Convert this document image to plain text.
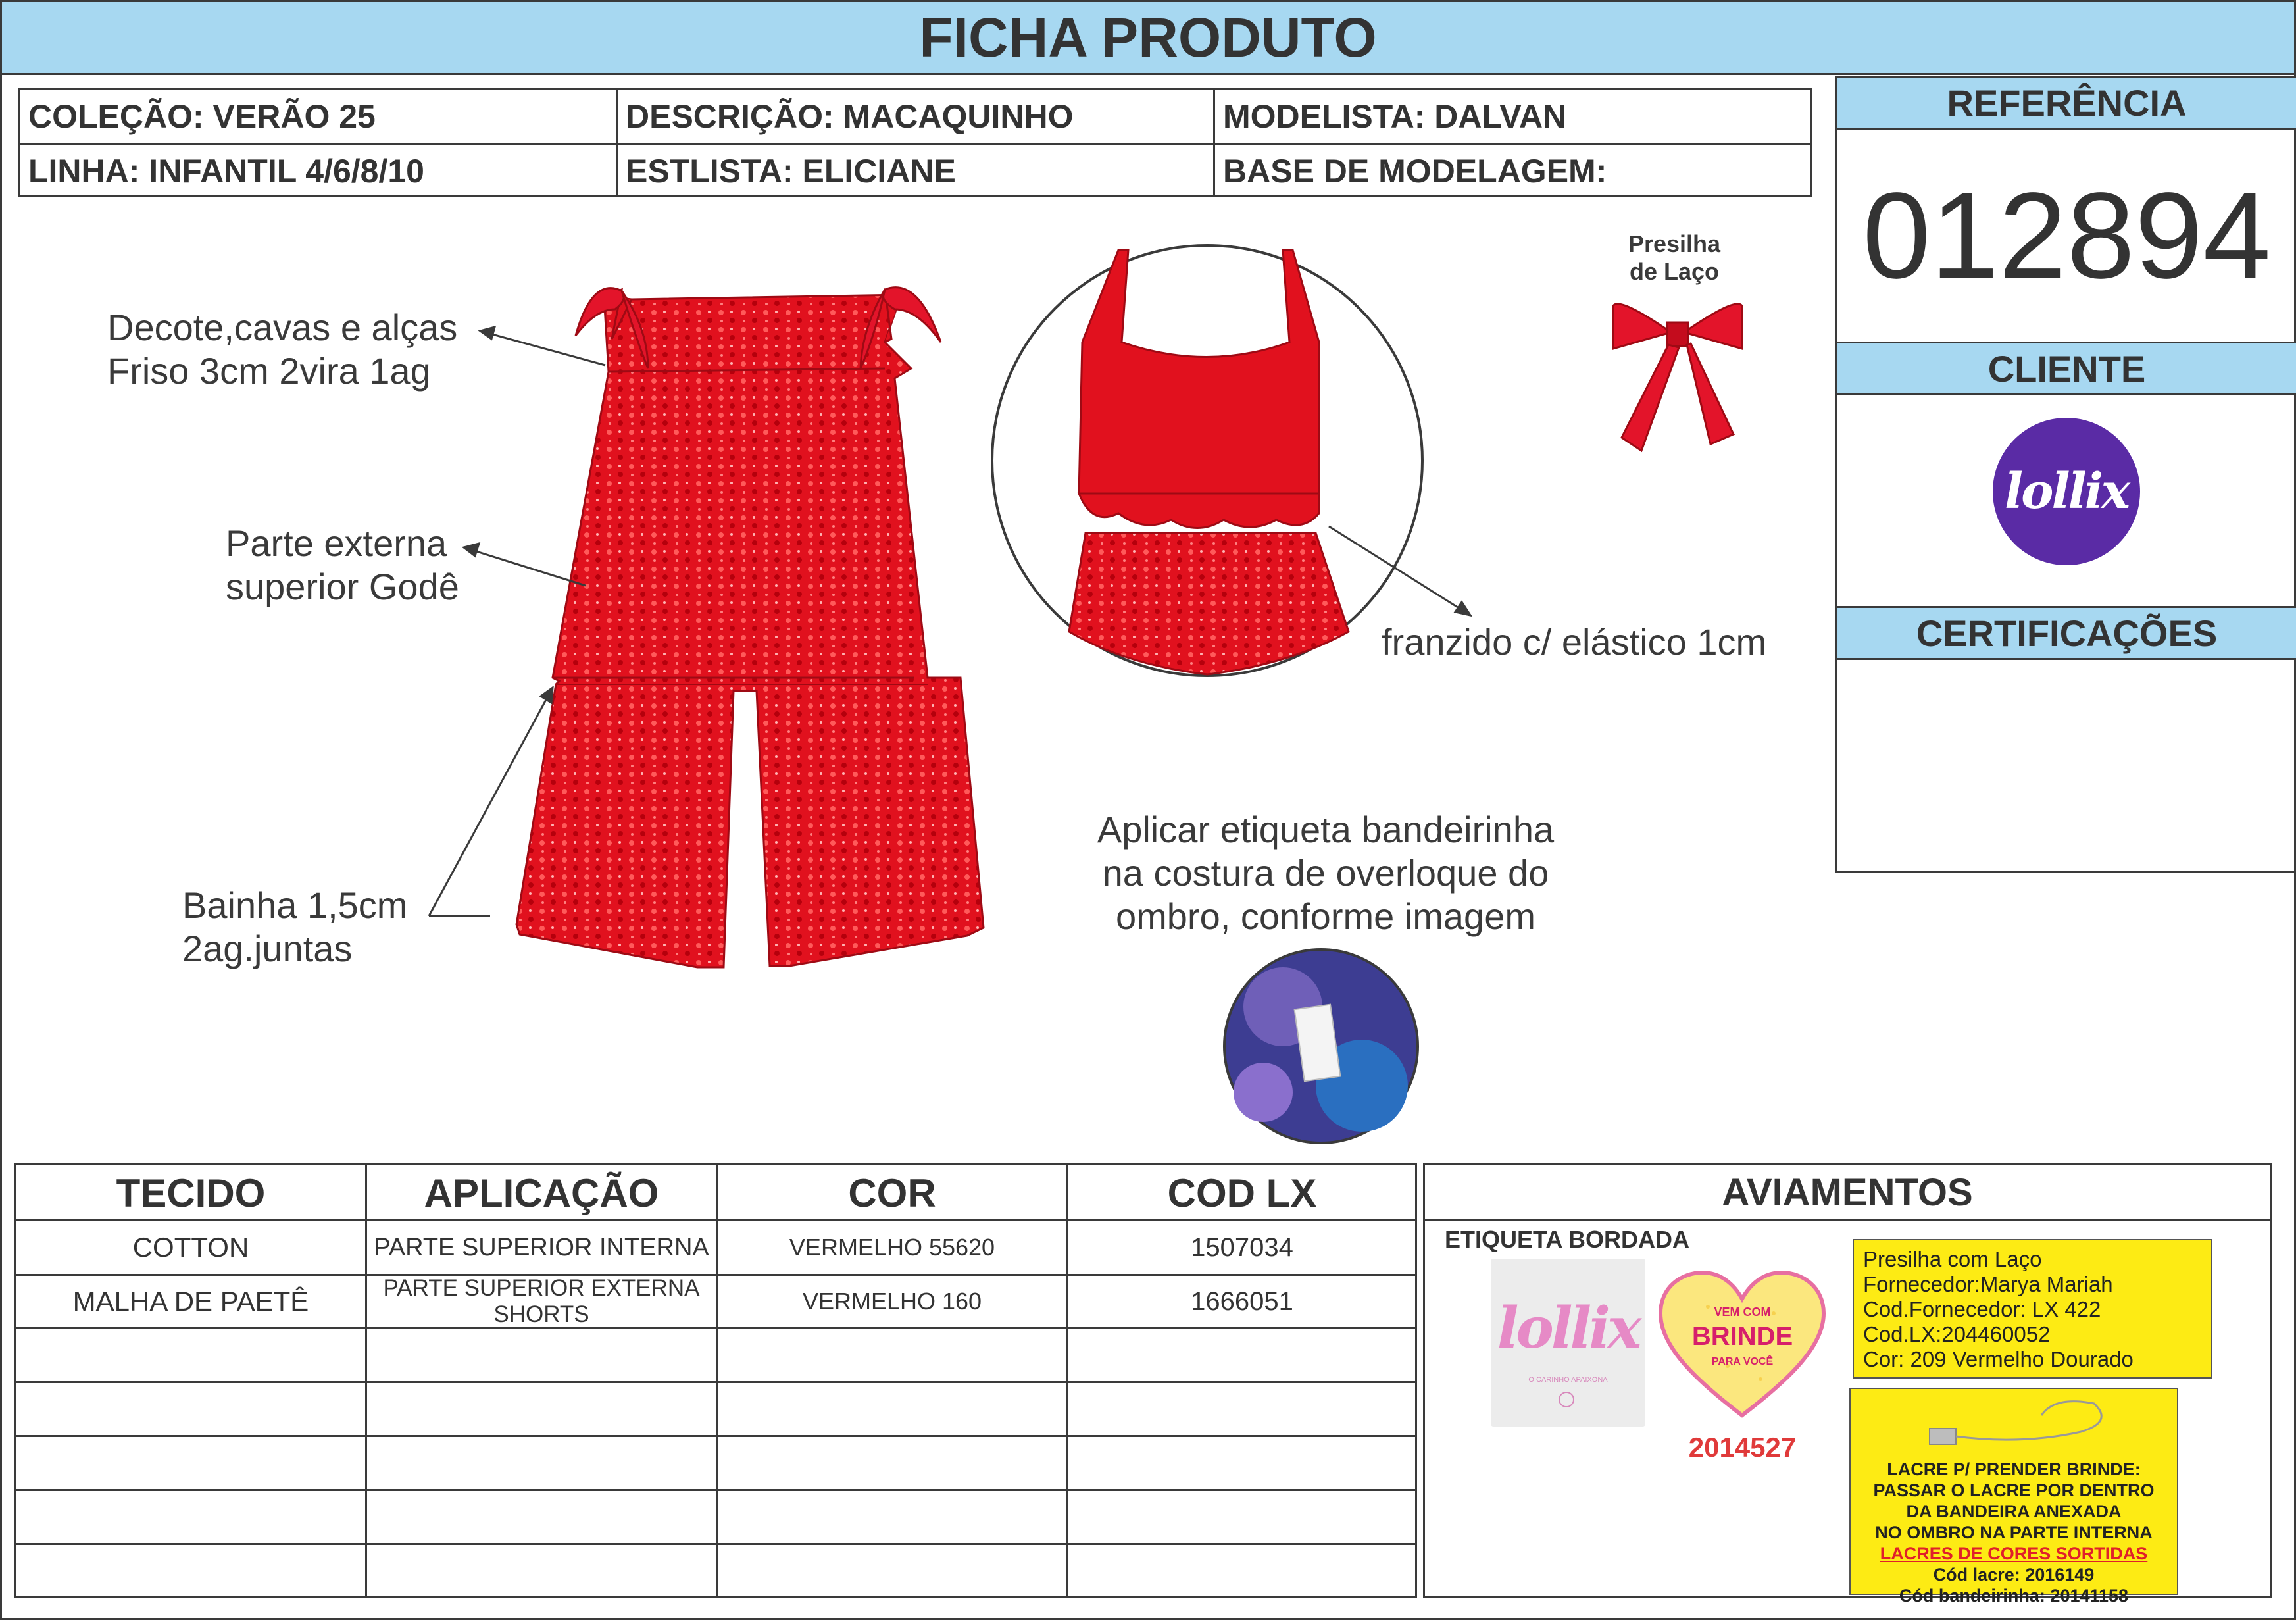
FICHA PRODUTO
COLEÇÃO: VERÃO 25	DESCRIÇÃO: MACAQUINHO	MODELISTA: DALVAN
LINHA: INFANTIL 4/6/8/10	ESTLISTA: ELICIANE	BASE DE MODELAGEM:
REFERÊNCIA
012894
CLIENTE
lollix
CERTIFICAÇÕES
Decote,cavas e alças
Friso 3cm 2vira 1ag
Parte externa
superior Godê
Bainha 1,5cm
2ag.juntas
franzido c/ elástico 1cm
Presilha
de Laço
Aplicar etiqueta bandeirinha
na costura de overloque do
ombro, conforme imagem
TECIDO	APLICAÇÃO	COR	COD LX
COTTON	PARTE SUPERIOR INTERNA	VERMELHO 55620	1507034
MALHA DE PAETÊ	PARTE SUPERIOR EXTERNA
SHORTS	VERMELHO 160	1666051
AVIAMENTOS
ETIQUETA BORDADA
lollix
O CARINHO APAIXONA
VEM COM
BRINDE
PARA VOCÊ
2014527
Presilha com Laço
Fornecedor:Marya Mariah
Cod.Fornecedor: LX 422
Cod.LX:204460052
Cor: 209 Vermelho Dourado
LACRE P/ PRENDER BRINDE:
PASSAR O LACRE POR DENTRO
DA BANDEIRA ANEXADA
NO OMBRO NA PARTE INTERNA
LACRES DE CORES SORTIDAS
Cód lacre: 2016149
Cód bandeirinha: 20141158
